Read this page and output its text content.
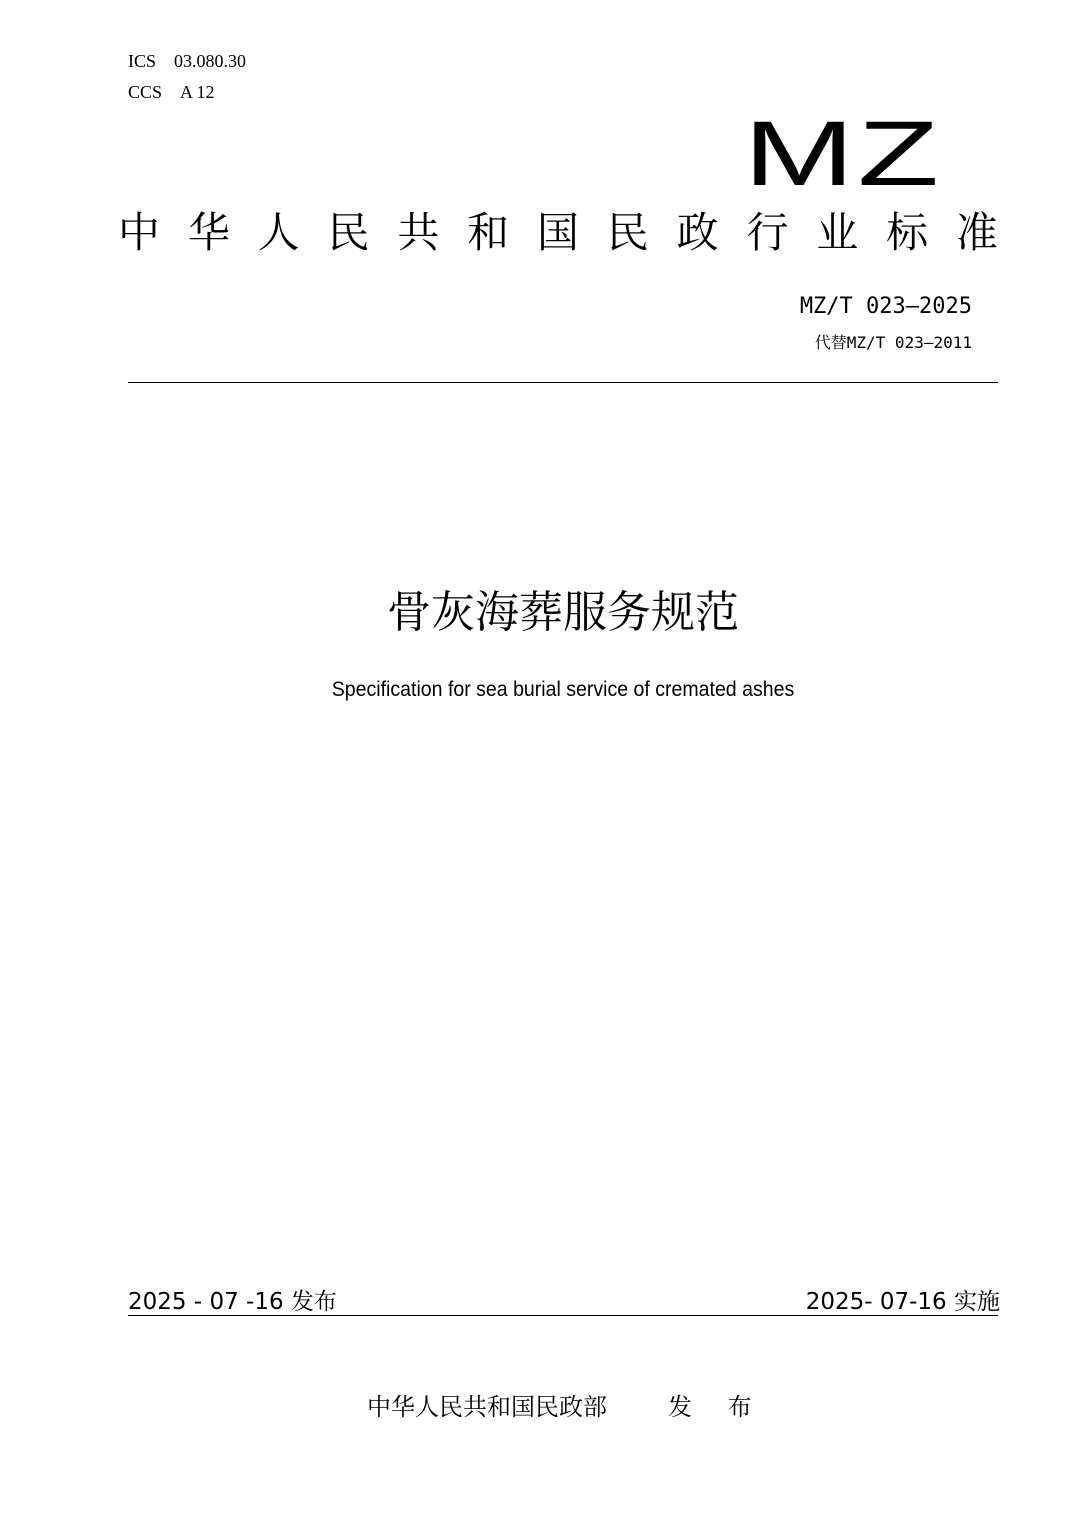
ICS　03.080.30
CCS　A 12
MZ
中 华 人 民 共 和 国 民 政 行 业 标 准
MZ/T 023—2025
代替MZ/T 023—2011
骨灰海葬服务规范
Specification for sea burial service of cremated ashes
2025 - 07 -16 发布	2025- 07-16 实施
中华人民共和国民政部	发 布
